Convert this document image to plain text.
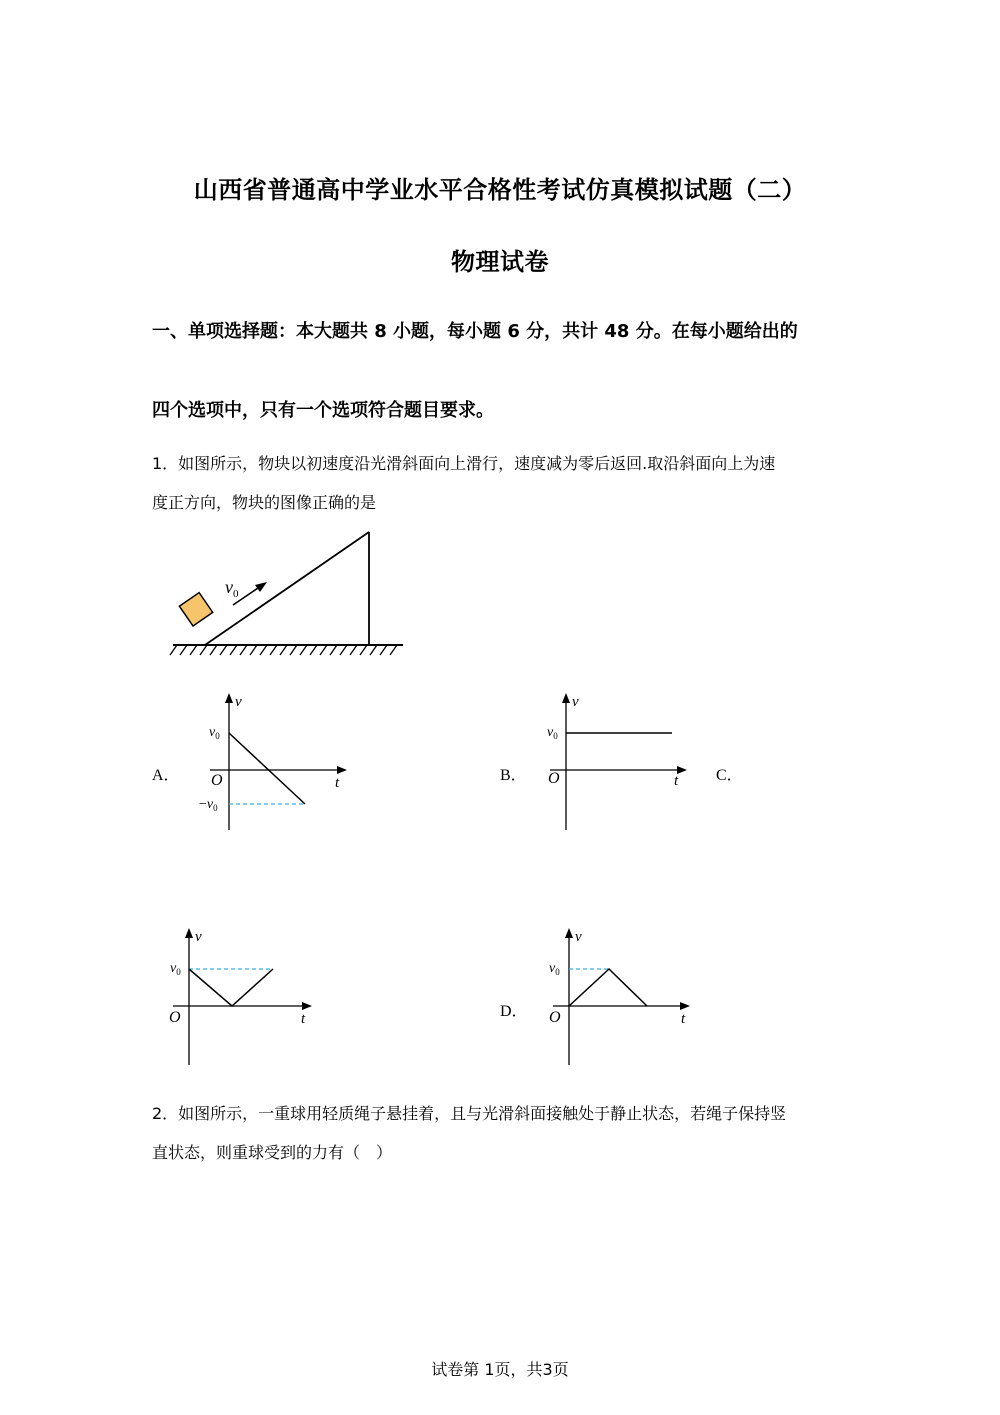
山西省普通高中学业水平合格性考试仿真模拟试题（二）
物理试卷
一、单项选择题：本大题共 8 小题，每小题 6 分，共计 48 分。在每小题给出的
四个选项中，只有一个选项符合题目要求。
1．如图所示，物块以初速度沿光滑斜面向上滑行，速度减为零后返回.取沿斜面向上为速
度正方向，物块的图像正确的是
$v_0$
A．
v
t
O
$v_0$
$-v_0$
B．
v
t
O
$v_0$
C．
v
t
O
$v_0$
D．
v
t
O
$v_0$
2．如图所示，一重球用轻质绳子悬挂着，且与光滑斜面接触处于静止状态，若绳子保持竖
直状态，则重球受到的力有（　）
试卷第 1页，共3页
